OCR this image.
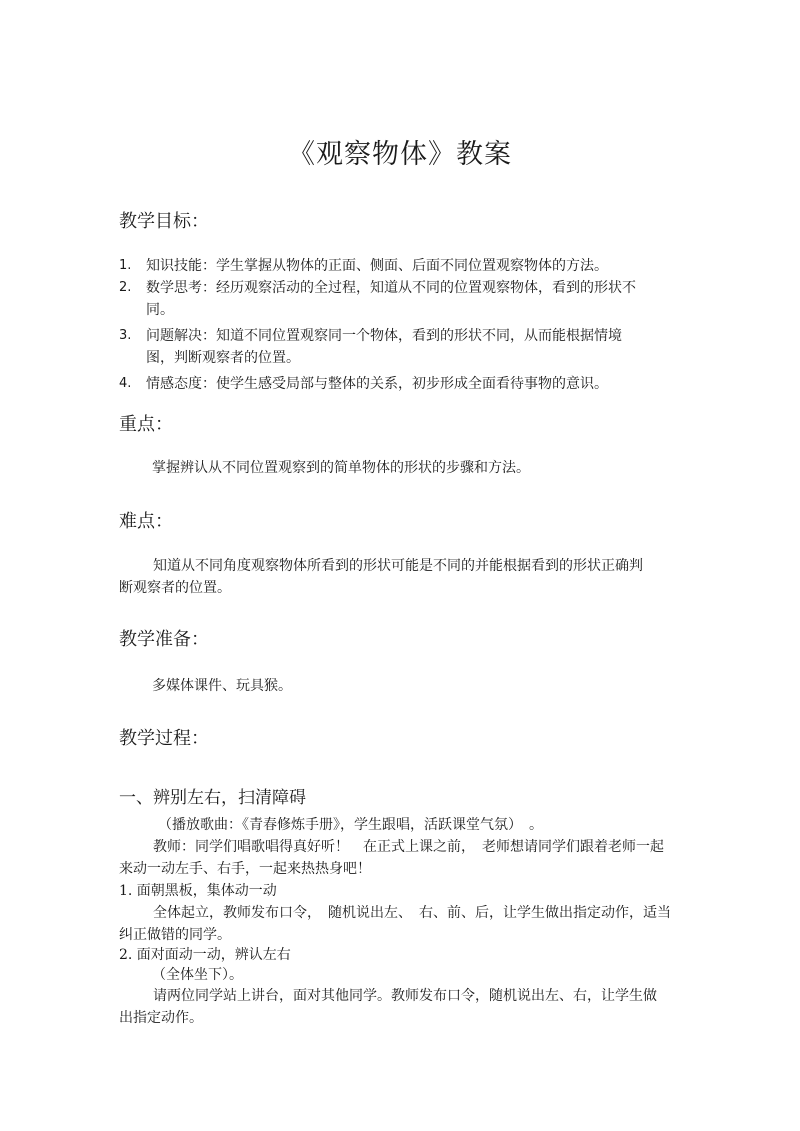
《观察物体》教案
教学目标：
1.	知识技能：学生掌握从物体的正面、侧面、后面不同位置观察物体的方法。
2.	数学思考：经历观察活动的全过程，知道从不同的位置观察物体，看到的形状不同。
3.	问题解决：知道不同位置观察同一个物体，看到的形状不同，从而能根据情境图，判断观察者的位置。
4.	情感态度：使学生感受局部与整体的关系，初步形成全面看待事物的意识。
重点：
掌握辨认从不同位置观察到的简单物体的形状的步骤和方法。
难点：
知道从不同角度观察物体所看到的形状可能是不同的并能根据看到的形状正确判断观察者的位置。
教学准备：
多媒体课件、玩具猴。
教学过程：
一、辨别左右，扫清障碍
（播放歌曲：《青春修炼手册》，学生跟唱，活跃课堂气氛）　。
教师：同学们唱歌唱得真好听！　在正式上课之前，　老师想请同学们跟着老师一起来动一动左手、右手，一起来热热身吧！
1. 面朝黑板，集体动一动
全体起立，教师发布口令，　随机说出左、　右、前、后，让学生做出指定动作，适当纠正做错的同学。
2. 面对面动一动，辨认左右
（全体坐下）。
请两位同学站上讲台，面对其他同学。教师发布口令，随机说出左、右，让学生做出指定动作。
